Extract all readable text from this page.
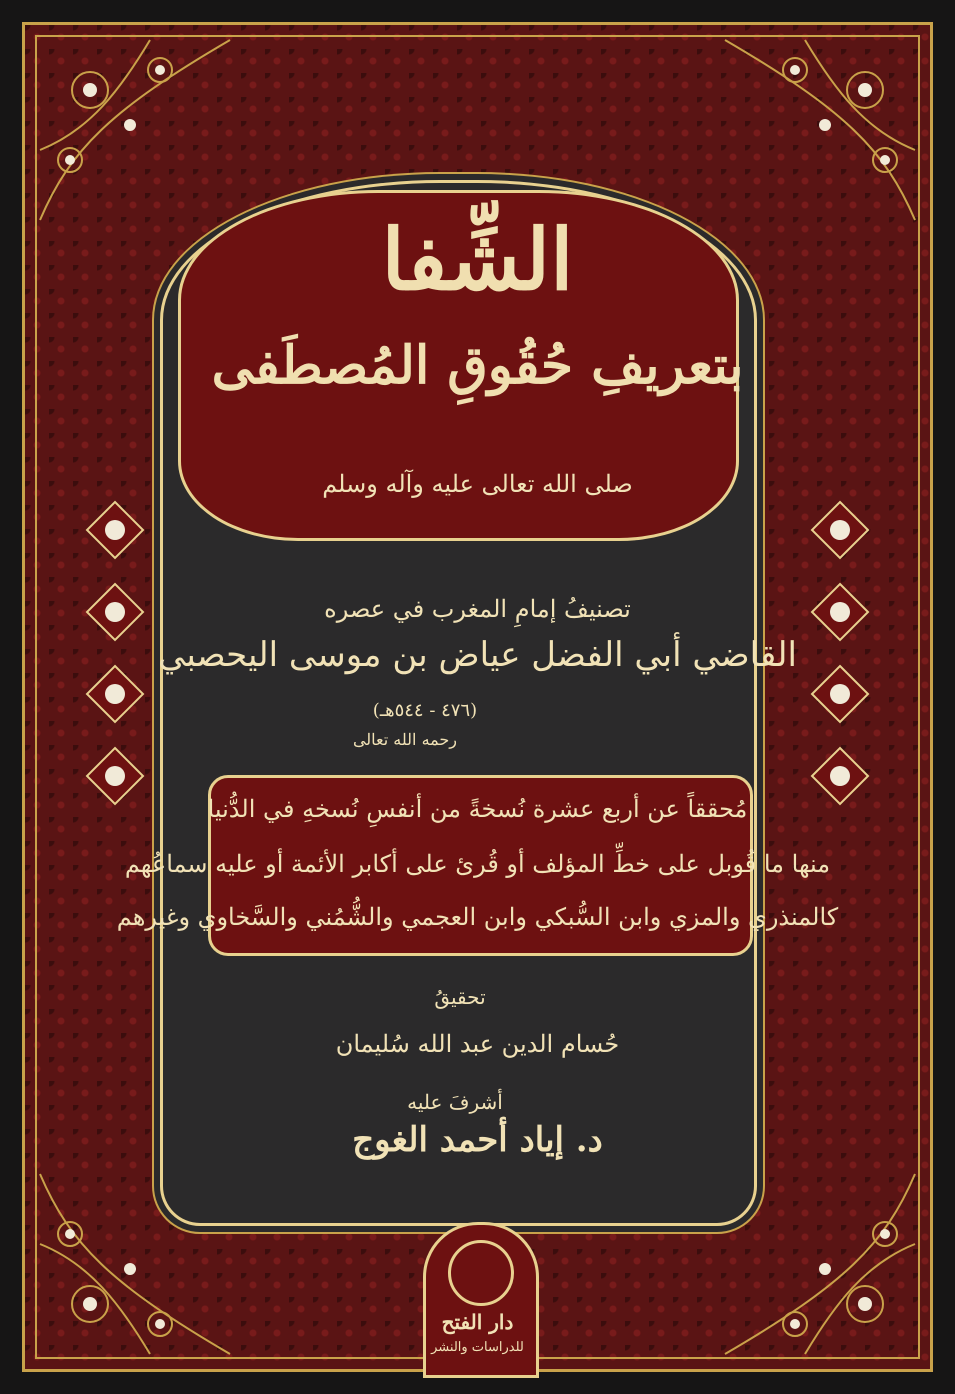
الشِّفا
بتعريفِ حُقُوقِ المُصطَفى
صلى الله تعالى عليه وآله وسلم
تصنيفُ إمامِ المغرب في عصره
القاضي أبي الفضل عياض بن موسى اليحصبي
(٤٧٦ - ٥٤٤هـ)
رحمه الله تعالى
مُحققاً عن أربع عشرة نُسخةً من أنفسِ نُسخهِ في الدُّنيا
منها ما قُوبل على خطِّ المؤلف أو قُرئ على أكابر الأئمة أو عليه سماعُهم
كالمنذري والمزي وابن السُّبكي وابن العجمي والشُّمُني والسَّخاوي وغيرهم
تحقيقُ
حُسام الدين عبد الله سُليمان
أشرفَ عليه
د. إياد أحمد الغوج
دار الفتح
للدراسات والنشر
